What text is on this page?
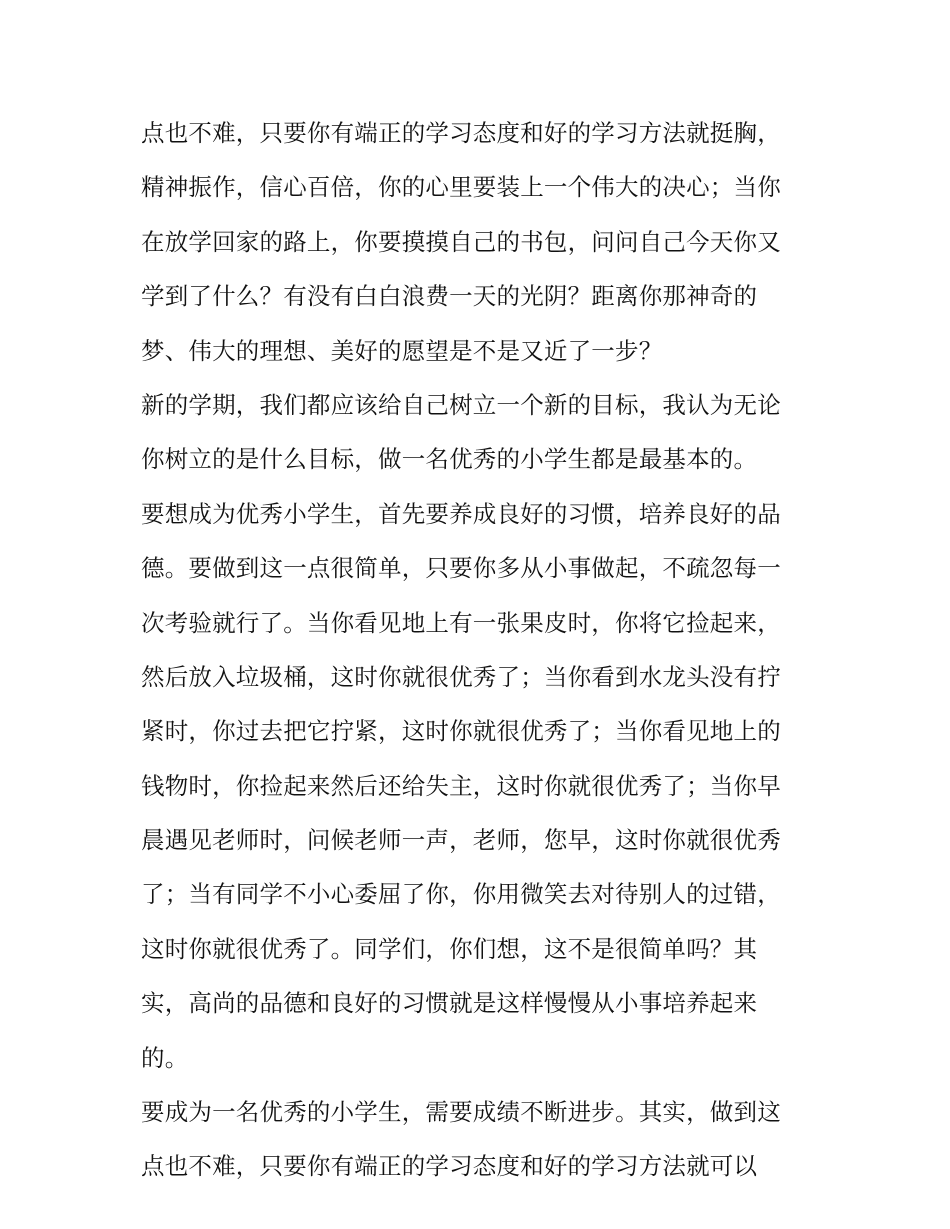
点也不难，只要你有端正的学习态度和好的学习方法就挺胸，
精神振作，信心百倍，你的心里要装上一个伟大的决心；当你
在放学回家的路上，你要摸摸自己的书包，问问自己今天你又
学到了什么？有没有白白浪费一天的光阴？距离你那神奇的
梦、伟大的理想、美好的愿望是不是又近了一步？
新的学期，我们都应该给自己树立一个新的目标，我认为无论
你树立的是什么目标，做一名优秀的小学生都是最基本的。
要想成为优秀小学生，首先要养成良好的习惯，培养良好的品
德。要做到这一点很简单，只要你多从小事做起，不疏忽每一
次考验就行了。当你看见地上有一张果皮时，你将它捡起来，
然后放入垃圾桶，这时你就很优秀了；当你看到水龙头没有拧
紧时，你过去把它拧紧，这时你就很优秀了；当你看见地上的
钱物时，你捡起来然后还给失主，这时你就很优秀了；当你早
晨遇见老师时，问候老师一声，老师，您早，这时你就很优秀
了；当有同学不小心委屈了你，你用微笑去对待别人的过错，
这时你就很优秀了。同学们，你们想，这不是很简单吗？其
实，高尚的品德和良好的习惯就是这样慢慢从小事培养起来
的。
要成为一名优秀的小学生，需要成绩不断进步。其实，做到这
点也不难，只要你有端正的学习态度和好的学习方法就可以
